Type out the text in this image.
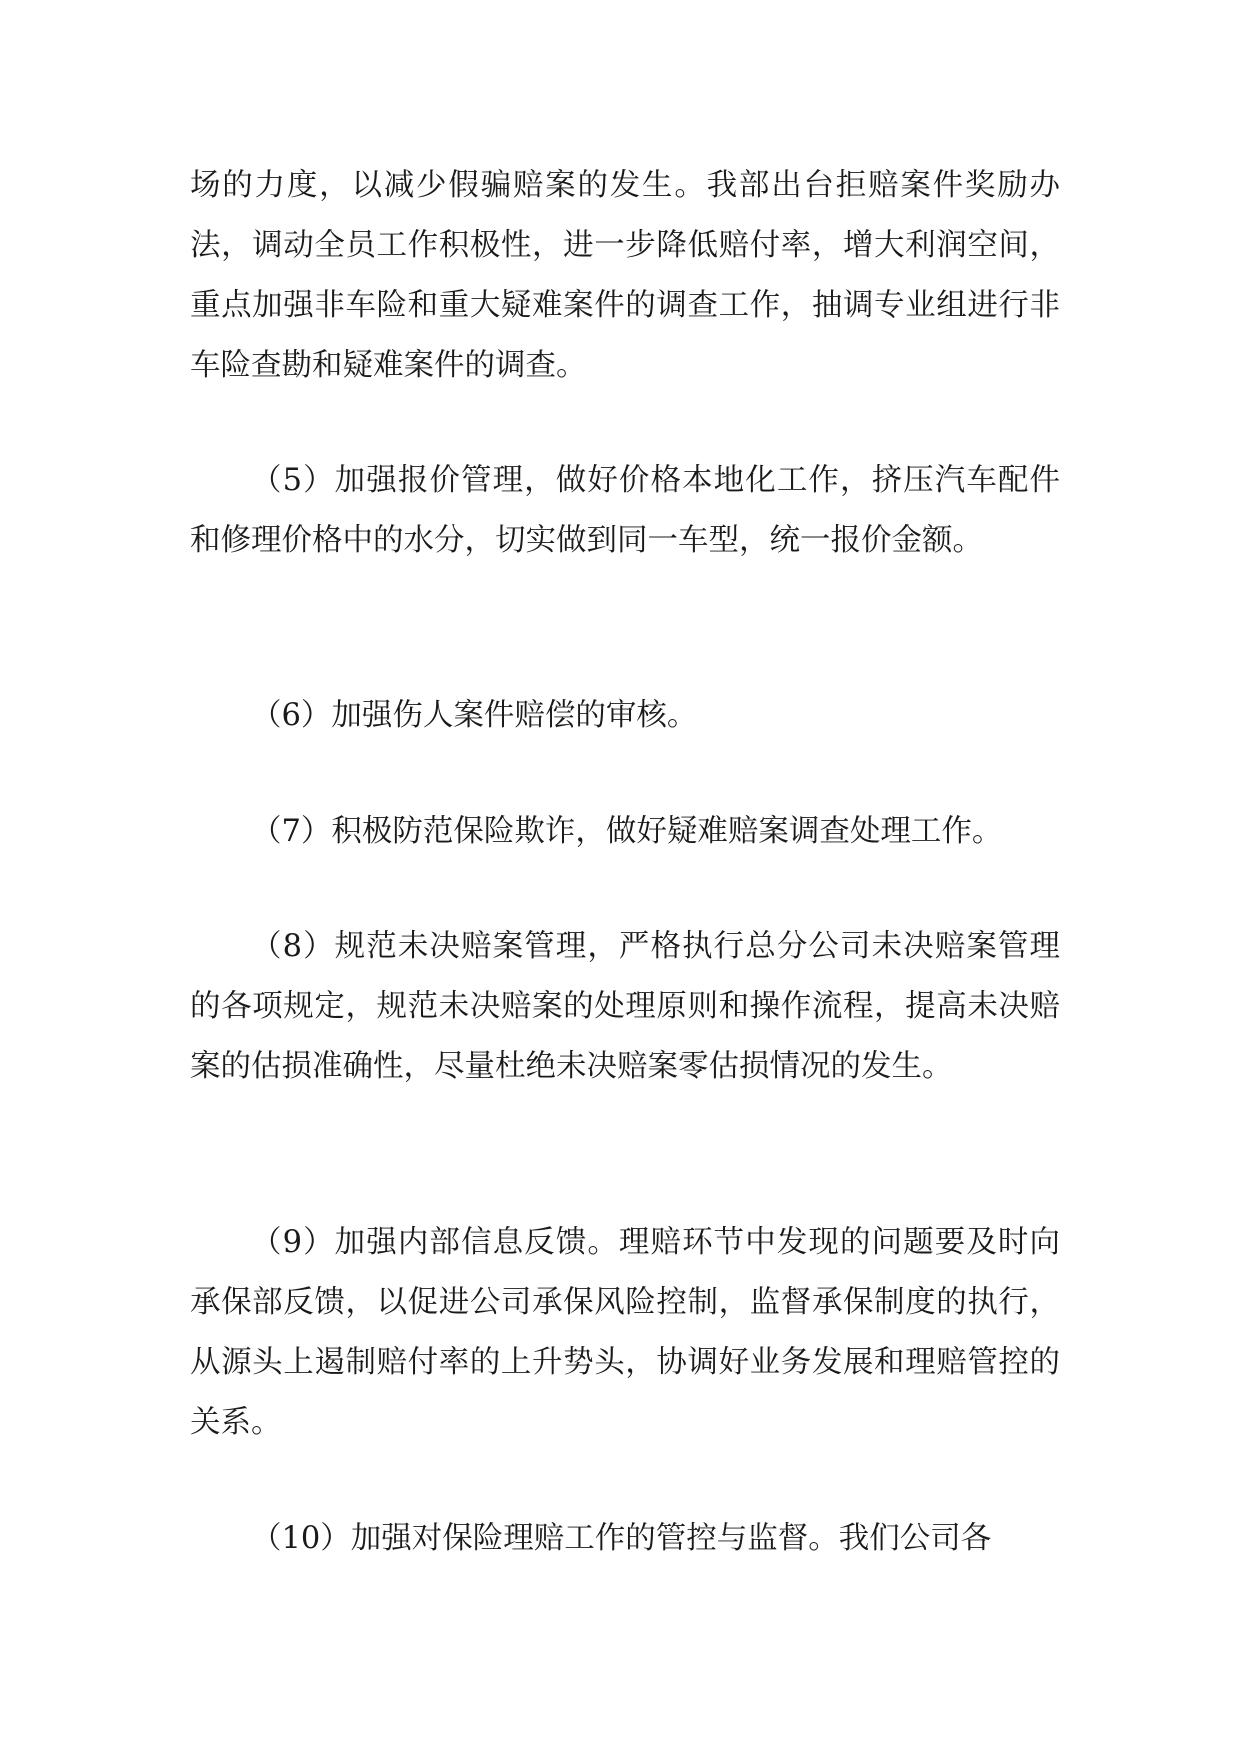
场的力度，以减少假骗赔案的发生。我部出台拒赔案件奖励办法，调动全员工作积极性，进一步降低赔付率，增大利润空间，重点加强非车险和重大疑难案件的调查工作，抽调专业组进行非车险查勘和疑难案件的调查。

（5）加强报价管理，做好价格本地化工作，挤压汽车配件和修理价格中的水分，切实做到同一车型，统一报价金额。

（6）加强伤人案件赔偿的审核。

（7）积极防范保险欺诈，做好疑难赔案调查处理工作。

（8）规范未决赔案管理，严格执行总分公司未决赔案管理的各项规定，规范未决赔案的处理原则和操作流程，提高未决赔案的估损准确性，尽量杜绝未决赔案零估损情况的发生。

（9）加强内部信息反馈。理赔环节中发现的问题要及时向承保部反馈，以促进公司承保风险控制，监督承保制度的执行，从源头上遏制赔付率的上升势头，协调好业务发展和理赔管控的关系。

（10）加强对保险理赔工作的管控与监督。我们公司各
